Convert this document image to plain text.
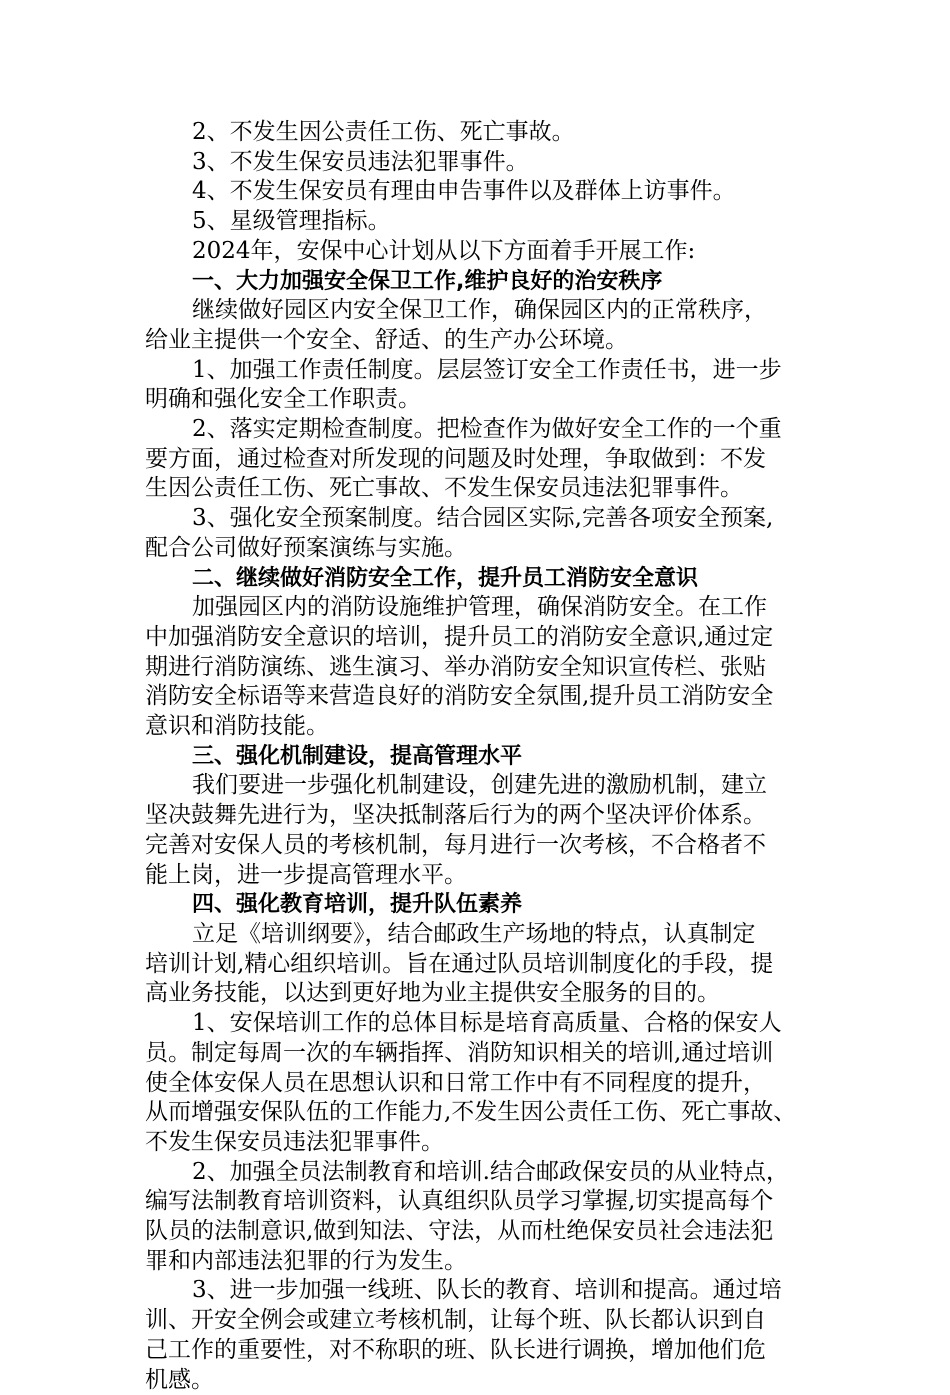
2、不发生因公责任工伤、死亡事故。
3、不发生保安员违法犯罪事件。
4、不发生保安员有理由申告事件以及群体上访事件。
5、星级管理指标。
2024年，安保中心计划从以下方面着手开展工作:
一、大力加强安全保卫工作,维护良好的治安秩序
继续做好园区内安全保卫工作，确保园区内的正常秩序，
给业主提供一个安全、舒适、的生产办公环境。
1、加强工作责任制度。层层签订安全工作责任书，进一步
明确和强化安全工作职责。
2、落实定期检查制度。把检查作为做好安全工作的一个重
要方面，通过检查对所发现的问题及时处理，争取做到：不发
生因公责任工伤、死亡事故、不发生保安员违法犯罪事件。
3、强化安全预案制度。结合园区实际,完善各项安全预案,
配合公司做好预案演练与实施。
二、继续做好消防安全工作，提升员工消防安全意识
加强园区内的消防设施维护管理，确保消防安全。在工作
中加强消防安全意识的培训，提升员工的消防安全意识,通过定
期进行消防演练、逃生演习、举办消防安全知识宣传栏、张贴
消防安全标语等来营造良好的消防安全氛围,提升员工消防安全
意识和消防技能。
三、强化机制建设，提高管理水平
我们要进一步强化机制建设，创建先进的激励机制，建立
坚决鼓舞先进行为，坚决抵制落后行为的两个坚决评价体系。
完善对安保人员的考核机制，每月进行一次考核，不合格者不
能上岗，进一步提高管理水平。
四、强化教育培训，提升队伍素养
立足《培训纲要》，结合邮政生产场地的特点，认真制定
培训计划,精心组织培训。旨在通过队员培训制度化的手段，提
高业务技能，以达到更好地为业主提供安全服务的目的。
1、安保培训工作的总体目标是培育高质量、合格的保安人
员。制定每周一次的车辆指挥、消防知识相关的培训,通过培训
使全体安保人员在思想认识和日常工作中有不同程度的提升，
从而增强安保队伍的工作能力,不发生因公责任工伤、死亡事故、
不发生保安员违法犯罪事件。
2、加强全员法制教育和培训.结合邮政保安员的从业特点，
编写法制教育培训资料，认真组织队员学习掌握,切实提高每个
队员的法制意识,做到知法、守法，从而杜绝保安员社会违法犯
罪和内部违法犯罪的行为发生。
3、进一步加强一线班、队长的教育、培训和提高。通过培
训、开安全例会或建立考核机制，让每个班、队长都认识到自
己工作的重要性，对不称职的班、队长进行调换，增加他们危
机感。
